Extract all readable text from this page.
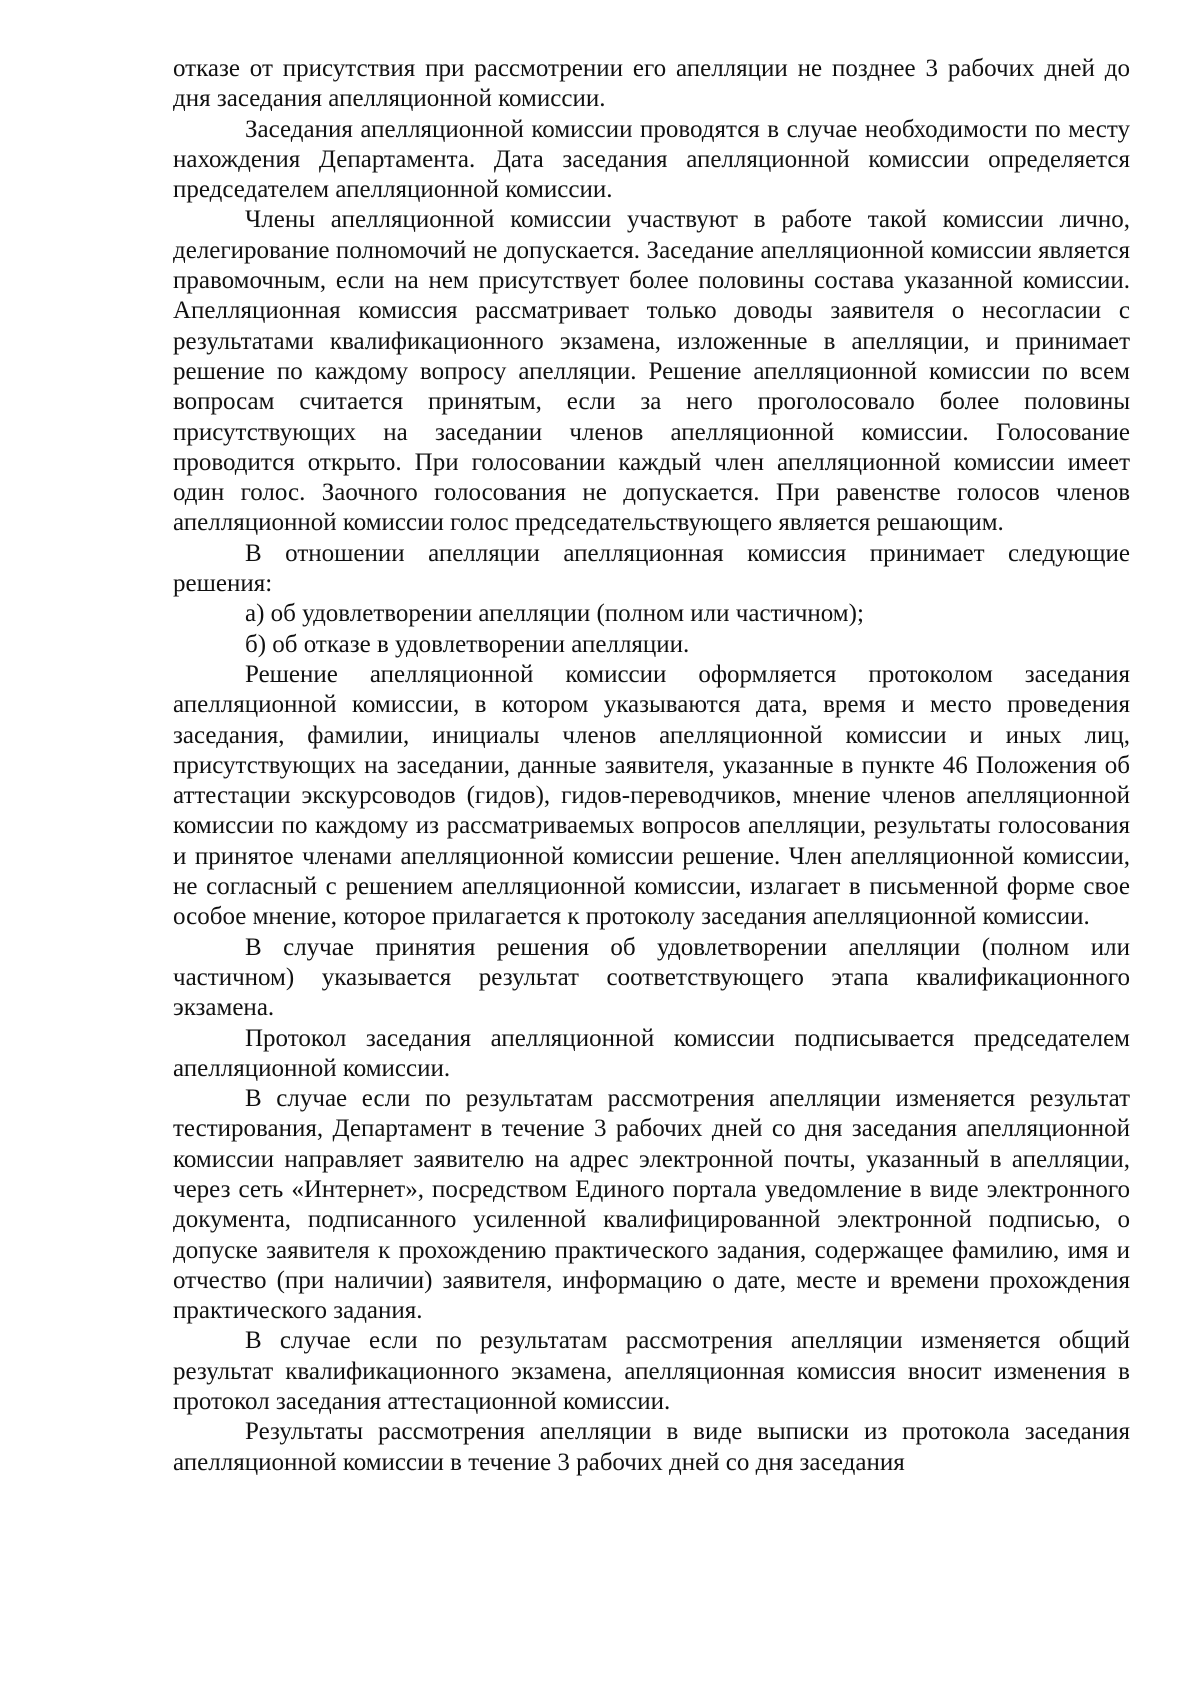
отказе от присутствия при рассмотрении его апелляции не позднее 3 рабочих дней до дня заседания апелляционной комиссии.

Заседания апелляционной комиссии проводятся в случае необходимости по месту нахождения Департамента. Дата заседания апелляционной комиссии определяется председателем апелляционной комиссии.

Члены апелляционной комиссии участвуют в работе такой комиссии лично, делегирование полномочий не допускается. Заседание апелляционной комиссии является правомочным, если на нем присутствует более половины состава указанной комиссии. Апелляционная комиссия рассматривает только доводы заявителя о несогласии с результатами квалификационного экзамена, изложенные в апелляции, и принимает решение по каждому вопросу апелляции. Решение апелляционной комиссии по всем вопросам считается принятым, если за него проголосовало более половины присутствующих на заседании членов апелляционной комиссии. Голосование проводится открыто. При голосовании каждый член апелляционной комиссии имеет один голос. Заочного голосования не допускается. При равенстве голосов членов апелляционной комиссии голос председательствующего является решающим.

В отношении апелляции апелляционная комиссия принимает следующие решения:

а) об удовлетворении апелляции (полном или частичном);

б) об отказе в удовлетворении апелляции.

Решение апелляционной комиссии оформляется протоколом заседания апелляционной комиссии, в котором указываются дата, время и место проведения заседания, фамилии, инициалы членов апелляционной комиссии и иных лиц, присутствующих на заседании, данные заявителя, указанные в пункте 46 Положения об аттестации экскурсоводов (гидов), гидов-переводчиков, мнение членов апелляционной комиссии по каждому из рассматриваемых вопросов апелляции, результаты голосования и принятое членами апелляционной комиссии решение. Член апелляционной комиссии, не согласный с решением апелляционной комиссии, излагает в письменной форме свое особое мнение, которое прилагается к протоколу заседания апелляционной комиссии.

В случае принятия решения об удовлетворении апелляции (полном или частичном) указывается результат соответствующего этапа квалификационного экзамена.

Протокол заседания апелляционной комиссии подписывается председателем апелляционной комиссии.

В случае если по результатам рассмотрения апелляции изменяется результат тестирования, Департамент в течение 3 рабочих дней со дня заседания апелляционной комиссии направляет заявителю на адрес электронной почты, указанный в апелляции, через сеть «Интернет», посредством Единого портала уведомление в виде электронного документа, подписанного усиленной квалифицированной электронной подписью, о допуске заявителя к прохождению практического задания, содержащее фамилию, имя и отчество (при наличии) заявителя, информацию о дате, месте и времени прохождения практического задания.

В случае если по результатам рассмотрения апелляции изменяется общий результат квалификационного экзамена, апелляционная комиссия вносит изменения в протокол заседания аттестационной комиссии.

Результаты рассмотрения апелляции в виде выписки из протокола заседания апелляционной комиссии в течение 3 рабочих дней со дня заседания
